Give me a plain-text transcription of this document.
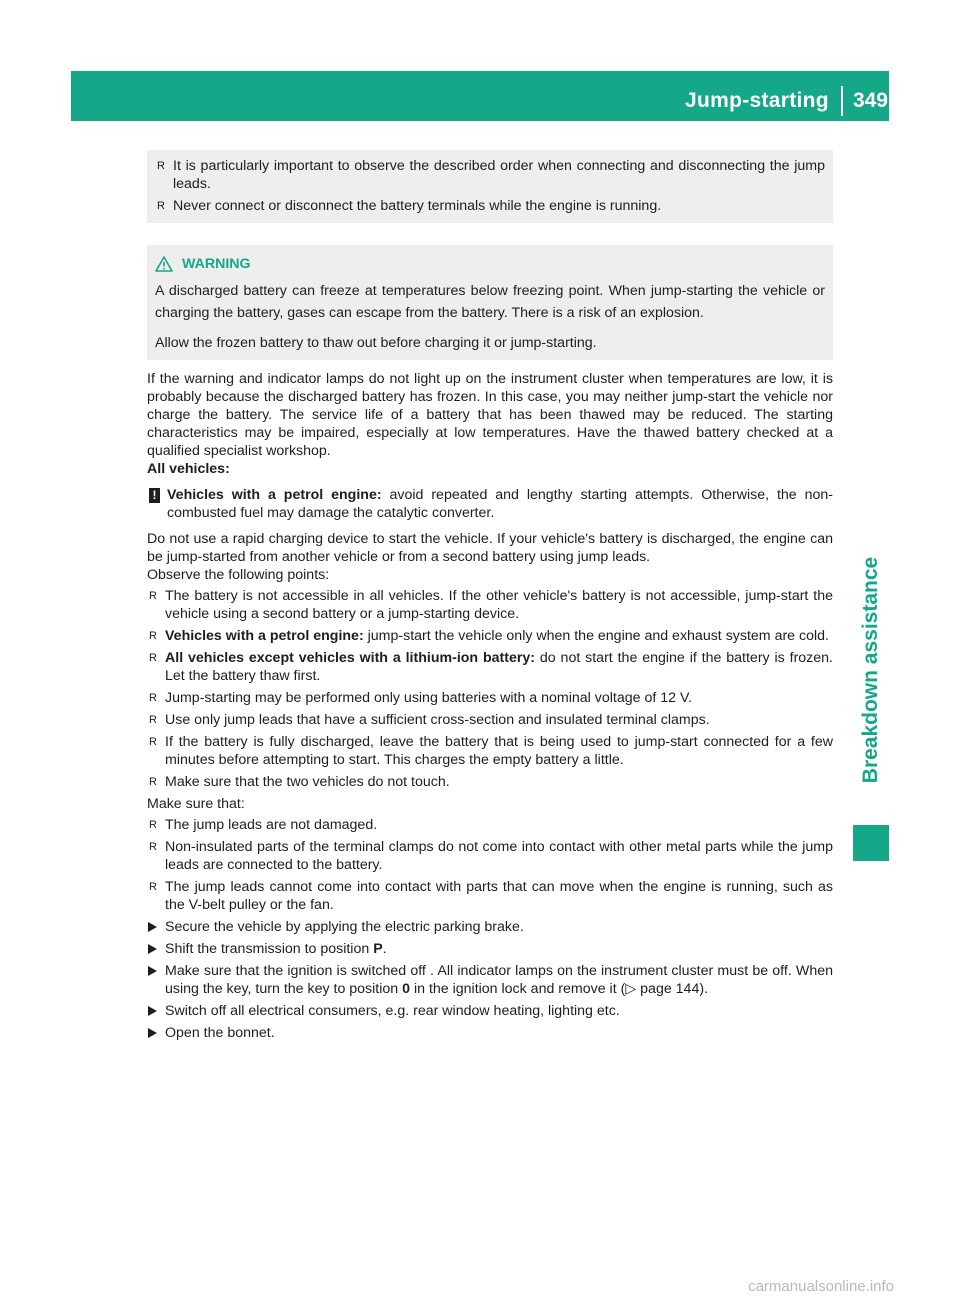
Jump-starting	349
Breakdown assistance
R It is particularly important to observe the described order when connecting and disconnecting the jump leads.
R Never connect or disconnect the battery terminals while the engine is running.
WARNING

A discharged battery can freeze at temperatures below freezing point. When jump-starting the vehicle or charging the battery, gases can escape from the battery. There is a risk of an explosion.

Allow the frozen battery to thaw out before charging it or jump-starting.

If the warning and indicator lamps do not light up on the instrument cluster when temperatures are low, it is probably because the discharged battery has frozen. In this case, you may neither jump-start the vehicle nor charge the battery. The service life of a battery that has been thawed may be reduced. The starting characteristics may be impaired, especially at low temperatures. Have the thawed battery checked at a qualified specialist workshop.

All vehicles:

! Vehicles with a petrol engine: avoid repeated and lengthy starting attempts. Otherwise, the non-combusted fuel may damage the catalytic converter.

Do not use a rapid charging device to start the vehicle. If your vehicle's battery is discharged, the engine can be jump-started from another vehicle or from a second battery using jump leads.

Observe the following points:

R The battery is not accessible in all vehicles. If the other vehicle's battery is not accessible, jump-start the vehicle using a second battery or a jump-starting device.
R Vehicles with a petrol engine: jump-start the vehicle only when the engine and exhaust system are cold.
R All vehicles except vehicles with a lithium-ion battery: do not start the engine if the battery is frozen. Let the battery thaw first.
R Jump-starting may be performed only using batteries with a nominal voltage of 12 V.
R Use only jump leads that have a sufficient cross-section and insulated terminal clamps.
R If the battery is fully discharged, leave the battery that is being used to jump-start connected for a few minutes before attempting to start. This charges the empty battery a little.
R Make sure that the two vehicles do not touch.

Make sure that:

R The jump leads are not damaged.
R Non-insulated parts of the terminal clamps do not come into contact with other metal parts while the jump leads are connected to the battery.
R The jump leads cannot come into contact with parts that can move when the engine is running, such as the V-belt pulley or the fan.
Secure the vehicle by applying the electric parking brake.
Shift the transmission to position P.
Make sure that the ignition is switched off . All indicator lamps on the instrument cluster must be off. When using the key, turn the key to position 0 in the ignition lock and remove it (▷ page 144).
Switch off all electrical consumers, e.g. rear window heating, lighting etc.
Open the bonnet.
carmanualsonline.info
